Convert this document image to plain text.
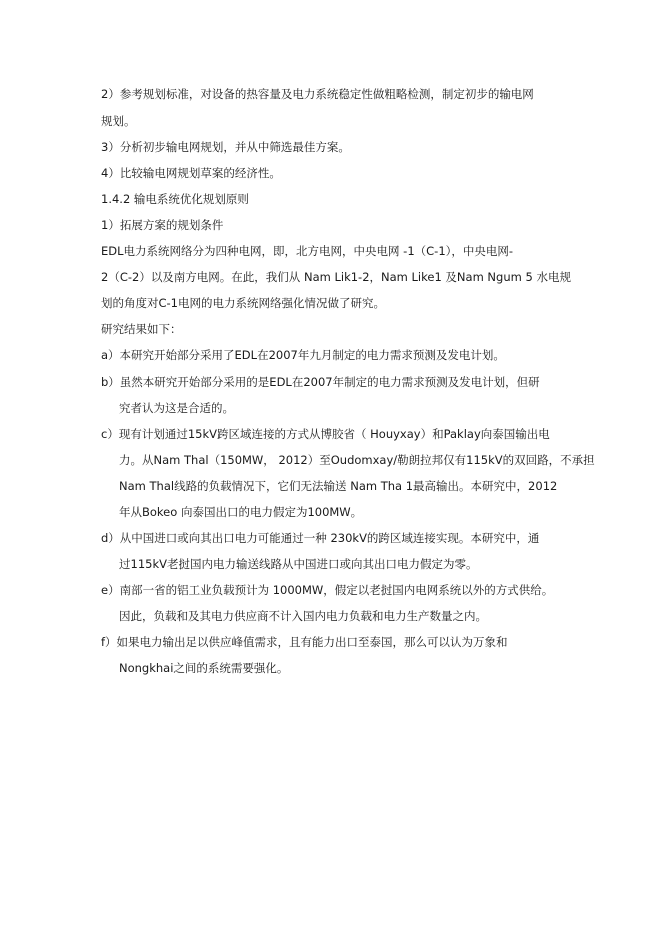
2）参考规划标准，对设备的热容量及电力系统稳定性做粗略检测，制定初步的输电网
规划。
3）分析初步输电网规划，并从中筛选最佳方案。
4）比较输电网规划草案的经济性。
1.4.2 输电系统优化规划原则
1）拓展方案的规划条件
EDL电力系统网络分为四种电网，即，北方电网，中央电网 -1（C-1），中央电网-
2（C-2）以及南方电网。在此，我们从 Nam Lik1-2，Nam Like1 及Nam Ngum 5 水电规
划的角度对C-1电网的电力系统网络强化情况做了研究。
研究结果如下：
a）本研究开始部分采用了EDL在2007年九月制定的电力需求预测及发电计划。
b）虽然本研究开始部分采用的是EDL在2007年制定的电力需求预测及发电计划，但研
究者认为这是合适的。
c）现有计划通过15kV跨区域连接的方式从博胶省（ Houyxay）和Paklay向泰国输出电
力。从Nam Thal（150MW， 2012）至Oudomxay/勒朗拉邦仅有115kV的双回路，不承担
Nam Thal线路的负载情况下，它们无法输送 Nam Tha 1最高输出。本研究中，2012
年从Bokeo 向泰国出口的电力假定为100MW。
d）从中国进口或向其出口电力可能通过一种 230kV的跨区域连接实现。本研究中，通
过115kV老挝国内电力输送线路从中国进口或向其出口电力假定为零。
e）南部一省的铝工业负载预计为 1000MW，假定以老挝国内电网系统以外的方式供给。
因此，负载和及其电力供应商不计入国内电力负载和电力生产数量之内。
f）如果电力输出足以供应峰值需求，且有能力出口至泰国，那么可以认为万象和
Nongkhai之间的系统需要强化。
